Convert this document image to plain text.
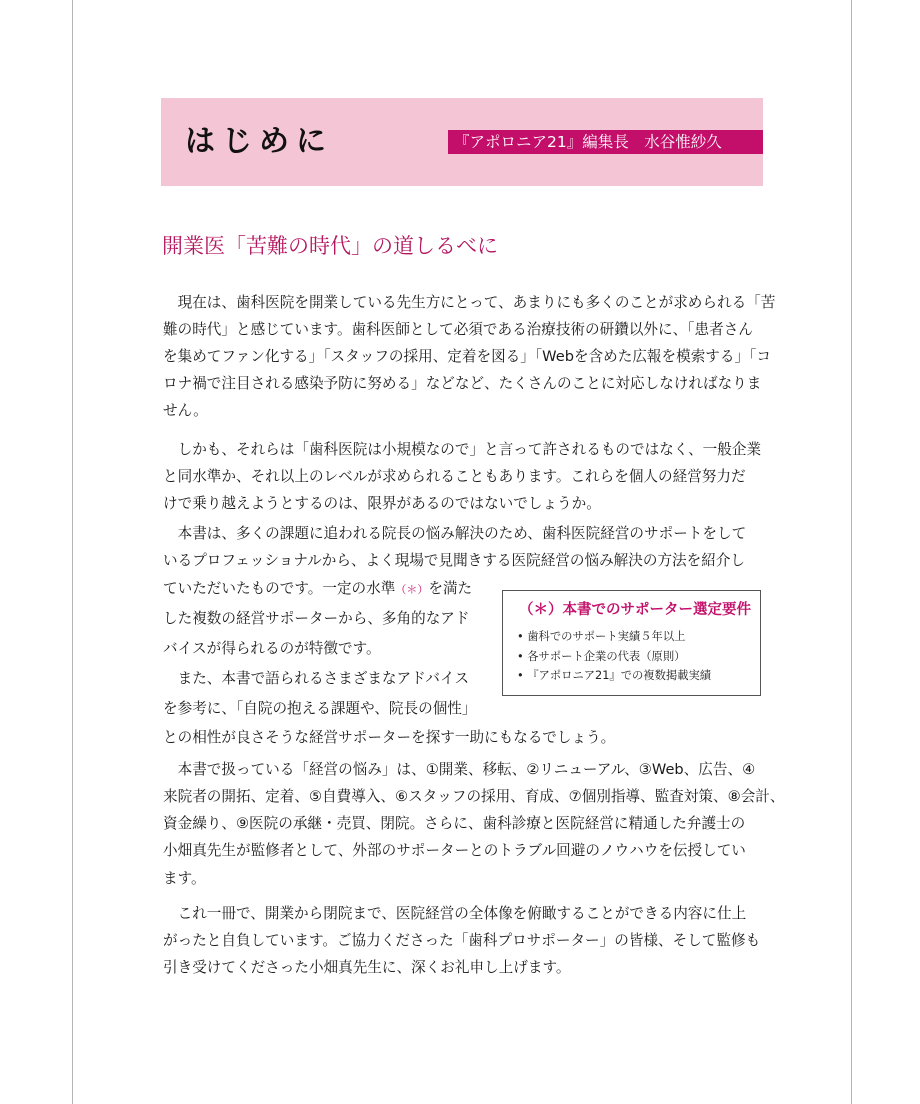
はじめに	『アポロニア21』編集長　水谷惟紗久
開業医「苦難の時代」の道しるべに

　現在は、歯科医院を開業している先生方にとって、あまりにも多くのことが求められる「苦

難の時代」と感じています。歯科医師として必須である治療技術の研鑽以外に、「患者さん

を集めてファン化する」「スタッフの採用、定着を図る」「Webを含めた広報を模索する」「コ

ロナ禍で注目される感染予防に努める」などなど、たくさんのことに対応しなければなりま

せん。

　しかも、それらは「歯科医院は小規模なので」と言って許されるものではなく、一般企業

と同水準か、それ以上のレベルが求められることもあります。これらを個人の経営努力だ

けで乗り越えようとするのは、限界があるのではないでしょうか。

　本書は、多くの課題に追われる院長の悩み解決のため、歯科医院経営のサポートをして

いるプロフェッショナルから、よく現場で見聞きする医院経営の悩み解決の方法を紹介し

ていただいたものです。一定の水準（＊）を満た

した複数の経営サポーターから、多角的なアド

バイスが得られるのが特徴です。

　また、本書で語られるさまざまなアドバイス

を参考に、「自院の抱える課題や、院長の個性」

（＊）本書でのサポーター選定要件
• 歯科でのサポート実績５年以上
• 各サポート企業の代表（原則）
• 『アポロニア21』での複数掲載実績

との相性が良さそうな経営サポーターを探す一助にもなるでしょう。

　本書で扱っている「経営の悩み」は、①開業、移転、②リニューアル、③Web、広告、④

来院者の開拓、定着、⑤自費導入、⑥スタッフの採用、育成、⑦個別指導、監査対策、⑧会計、

資金繰り、⑨医院の承継・売買、閉院。さらに、歯科診療と医院経営に精通した弁護士の

小畑真先生が監修者として、外部のサポーターとのトラブル回避のノウハウを伝授してい

ます。

　これ一冊で、開業から閉院まで、医院経営の全体像を俯瞰することができる内容に仕上

がったと自負しています。ご協力くださった「歯科プロサポーター」の皆様、そして監修も

引き受けてくださった小畑真先生に、深くお礼申し上げます。
